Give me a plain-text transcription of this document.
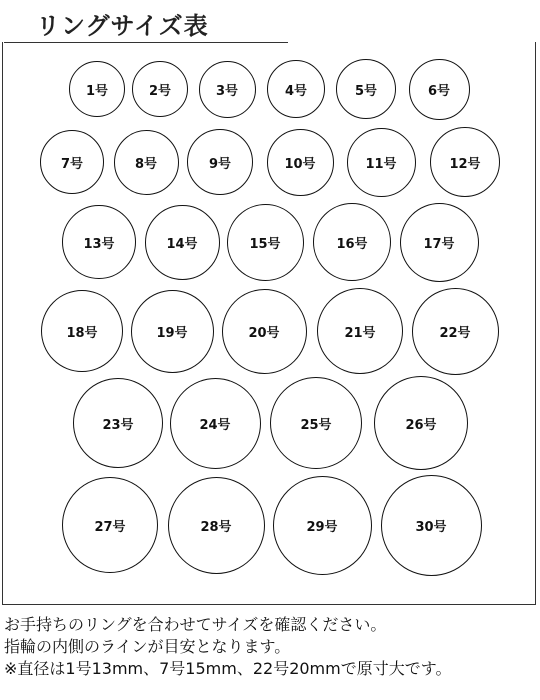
リングサイズ表
1号	2号	3号	4号	5号	6号
7号	8号	9号	10号	11号	12号
13号	14号	15号	16号	17号
18号	19号	20号	21号	22号
23号	24号	25号	26号
27号	28号	29号	30号
お手持ちのリングを合わせてサイズを確認ください。
指輪の内側のラインが目安となります。
※直径は1号13mm、7号15mm、22号20mmで原寸大です。
